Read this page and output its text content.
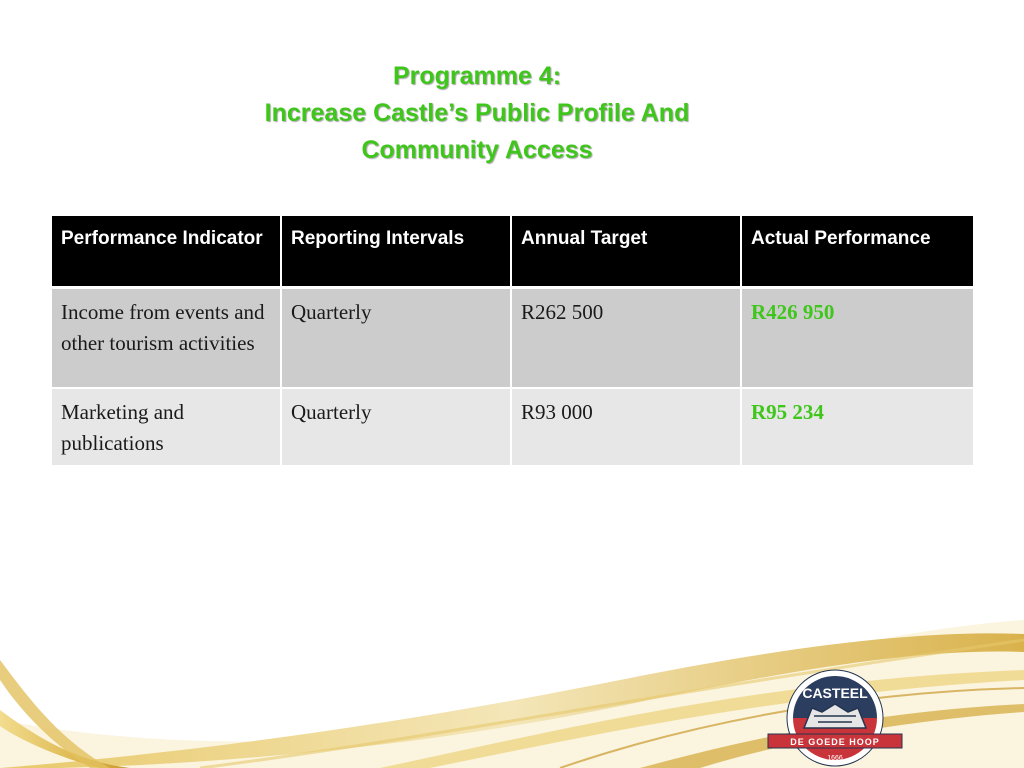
Programme 4:
Increase Castle’s Public Profile And
Community Access
Performance Indicator	Reporting Intervals	Annual Target	Actual Performance
Income from events and other tourism activities	Quarterly	R262 500	R426 950
Marketing and publications	Quarterly	R93 000	R95 234
CASTEEL
DE GOEDE HOOP
1666
